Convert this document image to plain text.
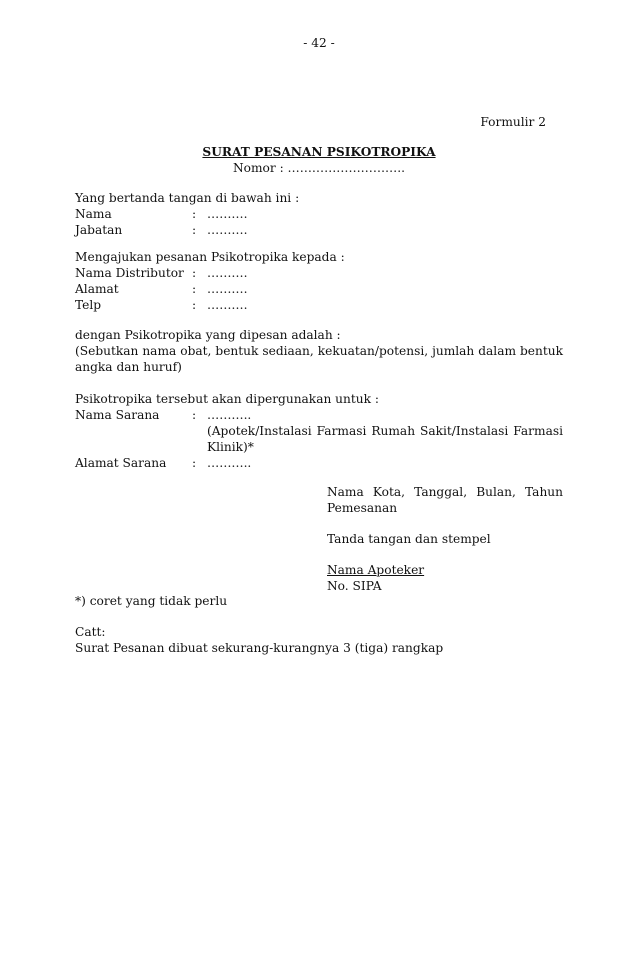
- 42 -
Formulir 2
SURAT PESANAN PSIKOTROPIKA
Nomor : ………………………..
Yang bertanda tangan di bawah ini :
Nama	: ……….
Jabatan	: ……….
Mengajukan pesanan Psikotropika kepada :
Nama Distributor : ……….
Alamat	: ……….
Telp	: ……….
dengan Psikotropika yang dipesan adalah :
(Sebutkan nama obat, bentuk sediaan, kekuatan/potensi, jumlah dalam bentuk angka dan huruf)
Psikotropika tersebut akan dipergunakan untuk :
Nama Sarana	: ………..
(Apotek/Instalasi Farmasi Rumah Sakit/Instalasi Farmasi Klinik)*
Alamat Sarana	: ………..
Nama Kota, Tanggal, Bulan, Tahun Pemesanan
Tanda tangan dan stempel
Nama Apoteker
No. SIPA
*) coret yang tidak perlu
Catt:
Surat Pesanan dibuat sekurang-kurangnya 3 (tiga) rangkap
